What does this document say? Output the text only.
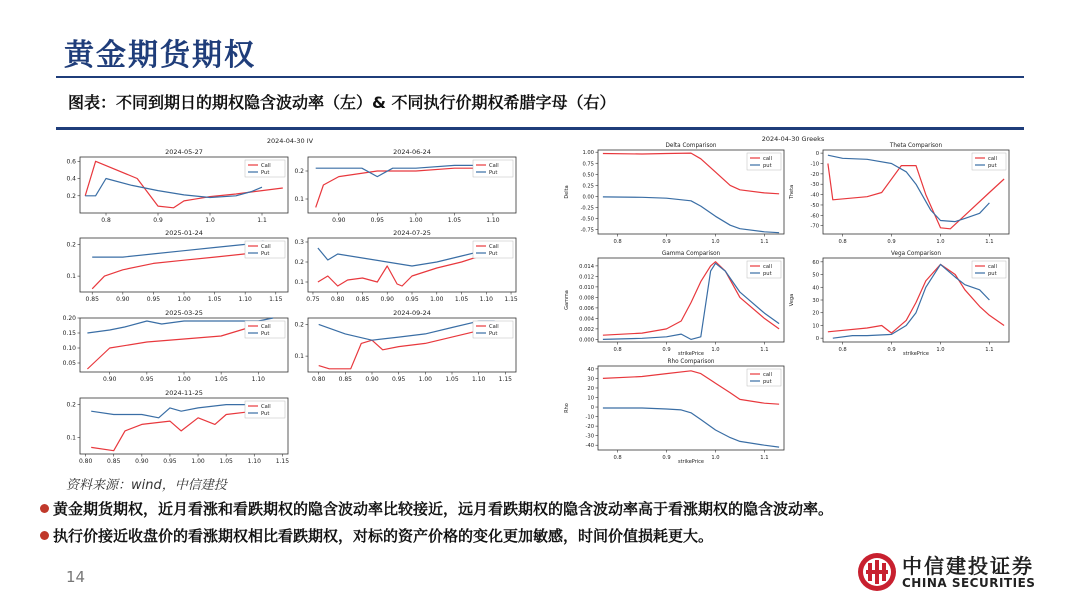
黄金期货期权
图表：不同到期日的期权隐含波动率（左）& 不同执行价期权希腊字母（右）
2024-04-30 IV
2024-05-27
0.8	0.9	1.0	1.1
0.2
0.4
0.6
Call
Put
2024-06-24
0.90	0.95	1.00	1.05	1.10
0.1
0.2
Call
Put
2025-01-24
0.85	0.90	0.95	1.00	1.05	1.10	1.15
0.1
0.2	Call
Put
2024-07-25
0.75 0.80 0.85 0.90 0.95 1.00 1.05 1.10 1.15
0.1
0.2
0.3
Call
Put
2025-03-25
0.90	0.95	1.00	1.05	1.10
0.05
0.10
0.15
0.20
Call
Put
2024-09-24
0.80 0.85 0.90 0.95 1.00 1.05 1.10 1.15
0.1
0.2	Call
Put
2024-11-25
0.80 0.85 0.90 0.95 1.00 1.05 1.10 1.15
0.1
0.2	Call
Put
2024-04-30 Greeks
Delta Comparison
0.8	0.9	1.0	1.1
-0.75
-0.50
-0.25
0.00
0.25
0.50
0.75
1.00
Delta
call
put
Theta Comparison
0.8	0.9	1.0	1.1
0
-10
-20
-30
-40
-50
-60
-70
Theta
call
put
Gamma Comparison
0.8	0.9	1.0	1.1
0.000
0.002
0.004
0.006
0.008
0.010
0.012
0.014
Gamma
strikePrice
call
put
Vega Comparison
0.8	0.9	1.0	1.1
0
10
20
30
40
50
60
Vega
strikePrice
call
put
Rho Comparison
0.8	0.9	1.0	1.1
40
30
20
10
0
-10
-20
-30
-40
Rho
strikePrice
call
put
资料来源：wind，中信建投
黄金期货期权，近月看涨和看跌期权的隐含波动率比较接近，远月看跌期权的隐含波动率高于看涨期权的隐含波动率。
执行价接近收盘价的看涨期权相比看跌期权，对标的资产价格的变化更加敏感，时间价值损耗更大。
14	中信建投证券
CHINA SECURITIES
